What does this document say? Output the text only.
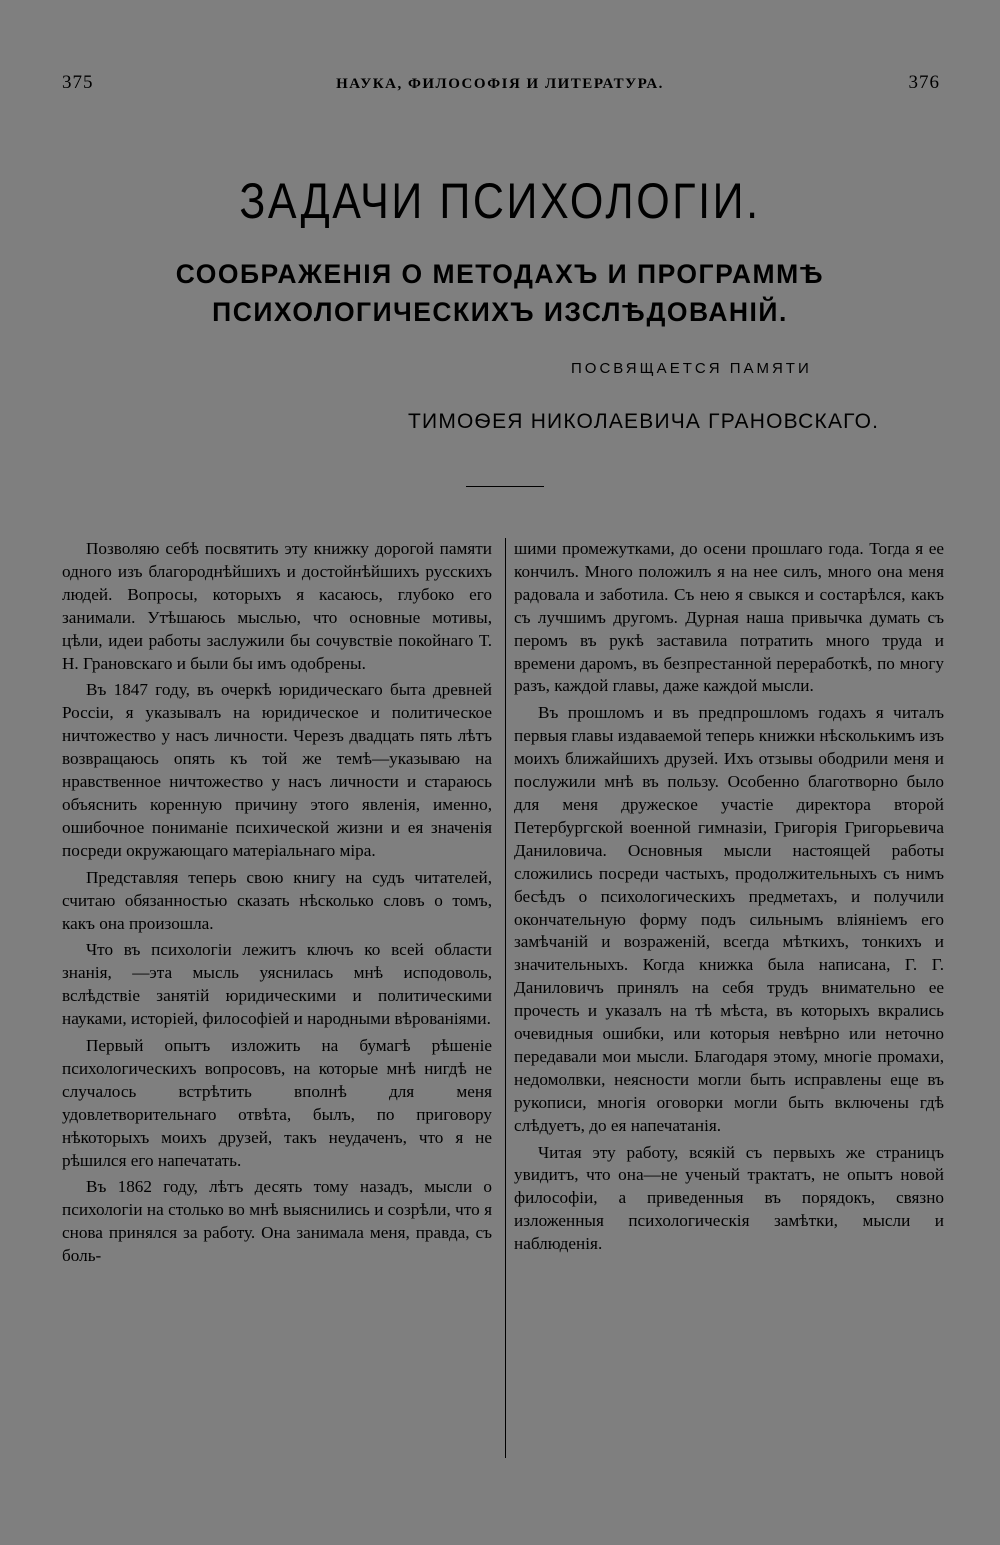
375	НАУКА, ФИЛОСОФІЯ И ЛИТЕРАТУРА.	376
ЗАДАЧИ ПСИХОЛОГІИ.
СООБРАЖЕНІЯ О МЕТОДАХЪ И ПРОГРАММѢ ПСИХОЛОГИЧЕСКИХЪ ИЗСЛѢДОВАНІЙ.
ПОСВЯЩАЕТСЯ ПАМЯТИ
ТИМОѲЕЯ НИКОЛАЕВИЧА ГРАНОВСКАГО.

Позволяю себѣ посвятить эту книжку дорогой памяти одного изъ благороднѣйшихъ и достойнѣйшихъ русскихъ людей. Вопросы, которыхъ я касаюсь, глубоко его занимали. Утѣшаюсь мыслью, что основные мотивы, цѣли, идеи работы заслужили бы сочувствіе покойнаго Т. Н. Грановскаго и были бы имъ одобрены.

Въ 1847 году, въ очеркѣ юридическаго быта древней Россіи, я указывалъ на юридическое и политическое ничтожество у насъ личности. Черезъ двадцать пять лѣтъ возвращаюсь опять къ той же темѣ—указываю на нравственное ничтожество у насъ личности и стараюсь объяснить коренную причину этого явленія, именно, ошибочное пониманіе психической жизни и ея значенія посреди окружающаго матеріальнаго міра.

Представляя теперь свою книгу на судъ читателей, считаю обязанностью сказать нѣсколько словъ о томъ, какъ она произошла.

Что въ психологіи лежитъ ключъ ко всей области знанія, —эта мысль уяснилась мнѣ исподоволь, вслѣдствіе занятій юридическими и политическими науками, исторіей, философіей и народными вѣрованіями.

Первый опытъ изложить на бумагѣ рѣшеніе психологическихъ вопросовъ, на которые мнѣ нигдѣ не случалось встрѣтить вполнѣ для меня удовлетворительнаго отвѣта, былъ, по приговору нѣкоторыхъ моихъ друзей, такъ неудаченъ, что я не рѣшился его напечатать.

Въ 1862 году, лѣтъ десять тому назадъ, мысли о психологіи на столько во мнѣ выяснились и созрѣли, что я снова принялся за работу. Она занимала меня, правда, съ боль-

шими промежутками, до осени прошлаго года. Тогда я ее кончилъ. Много положилъ я на нее силъ, много она меня радовала и заботила. Съ нею я свыкся и состарѣлся, какъ съ лучшимъ другомъ. Дурная наша привычка думать съ перомъ въ рукѣ заставила потратить много труда и времени даромъ, въ безпрестанной переработкѣ, по многу разъ, каждой главы, даже каждой мысли.

Въ прошломъ и въ предпрошломъ годахъ я читалъ первыя главы издаваемой теперь книжки нѣсколькимъ изъ моихъ ближайшихъ друзей. Ихъ отзывы ободрили меня и послужили мнѣ въ пользу. Особенно благотворно было для меня дружеское участіе директора второй Петербургской военной гимназіи, Григорія Григорьевича Даниловича. Основныя мысли настоящей работы сложились посреди частыхъ, продолжительныхъ съ нимъ бесѣдъ о психологическихъ предметахъ, и получили окончательную форму подъ сильнымъ вліяніемъ его замѣчаній и возраженій, всегда мѣткихъ, тонкихъ и значительныхъ. Когда книжка была написана, Г. Г. Даниловичъ принялъ на себя трудъ внимательно ее прочесть и указалъ на тѣ мѣста, въ которыхъ вкрались очевидныя ошибки, или которыя невѣрно или неточно передавали мои мысли. Благодаря этому, многіе промахи, недомолвки, неясности могли быть исправлены еще въ рукописи, многія оговорки могли быть включены гдѣ слѣдуетъ, до ея напечатанія.

Читая эту работу, всякій съ первыхъ же страницъ увидитъ, что она—не ученый трактатъ, не опытъ новой философіи, а приведенныя въ порядокъ, связно изложенныя психологическія замѣтки, мысли и наблюденія.
